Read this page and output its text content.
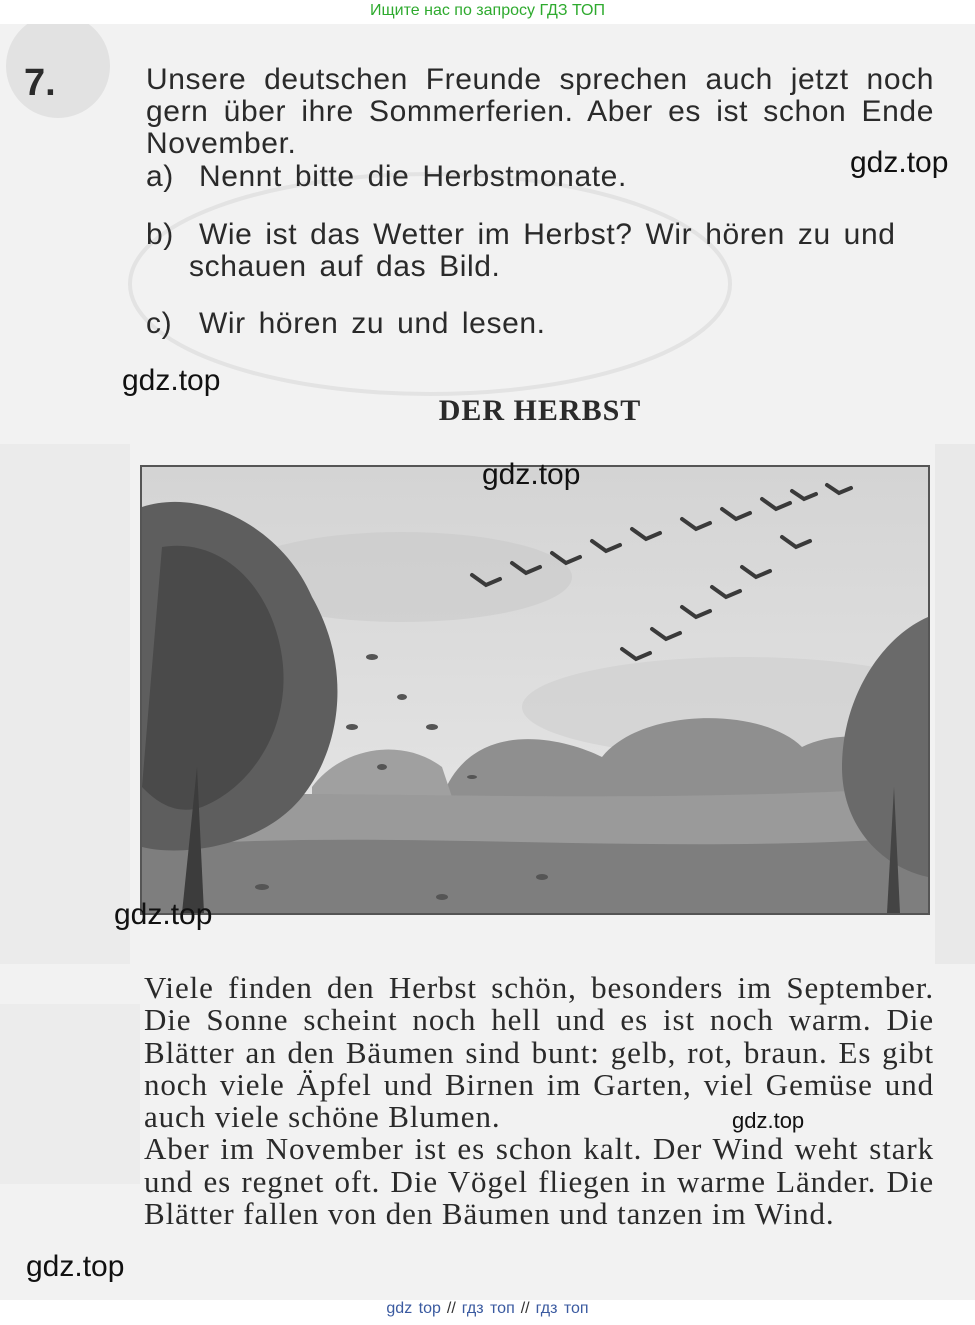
Ищите нас по запросу ГДЗ ТОП
7.	Unsere deutschen Freunde sprechen auch jetzt noch gern über ihre Sommerferien. Aber es ist schon Ende November.
a) Nennt bitte die Herbstmonate.
b) Wie ist das Wetter im Herbst? Wir hören zu und
schauen auf das Bild.
c) Wir hören zu und lesen.
DER HERBST

Viele finden den Herbst schön, besonders im September. Die Sonne scheint noch hell und es ist noch warm. Die Blätter an den Bäumen sind bunt: gelb, rot, braun. Es gibt noch viele Äpfel und Birnen im Garten, viel Gemüse und auch viele schöne Blumen.

Aber im November ist es schon kalt. Der Wind weht stark und es regnet oft. Die Vögel fliegen in warme Länder. Die Blätter fallen von den Bäumen und tanzen im Wind.

gdz.top
gdz.top
gdz.top
gdz.top
gdz.top
gdz.top
gdz top // гдз топ // гдз топ
